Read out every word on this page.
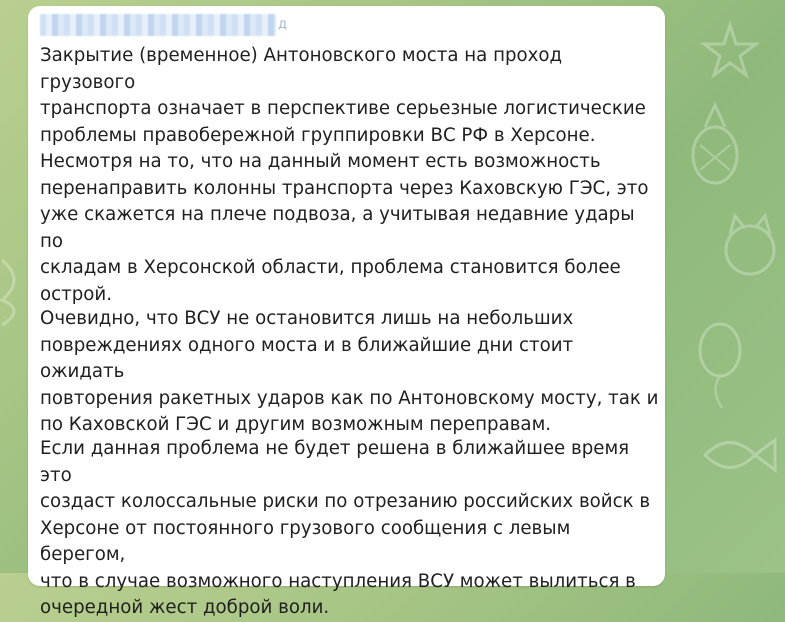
д

Закрытие (временное) Антоновского моста на проход грузового
транспорта означает в перспективе серьезные логистические
проблемы правобережной группировки ВС РФ в Херсоне.

Несмотря на то, что на данный момент есть возможность
перенаправить колонны транспорта через Каховскую ГЭС, это
уже скажется на плече подвоза, а учитывая недавние удары по
складам в Херсонской области, проблема становится более
острой.

Очевидно, что ВСУ не остановится лишь на небольших
повреждениях одного моста и в ближайшие дни стоит ожидать
повторения ракетных ударов как по Антоновскому мосту, так и
по Каховской ГЭС и другим возможным переправам.

Если данная проблема не будет решена в ближайшее время это
создаст колоссальные риски по отрезанию российских войск в
Херсоне от постоянного грузового сообщения с левым берегом,
что в случае возможного наступления ВСУ может вылиться в
очередной жест доброй воли.
